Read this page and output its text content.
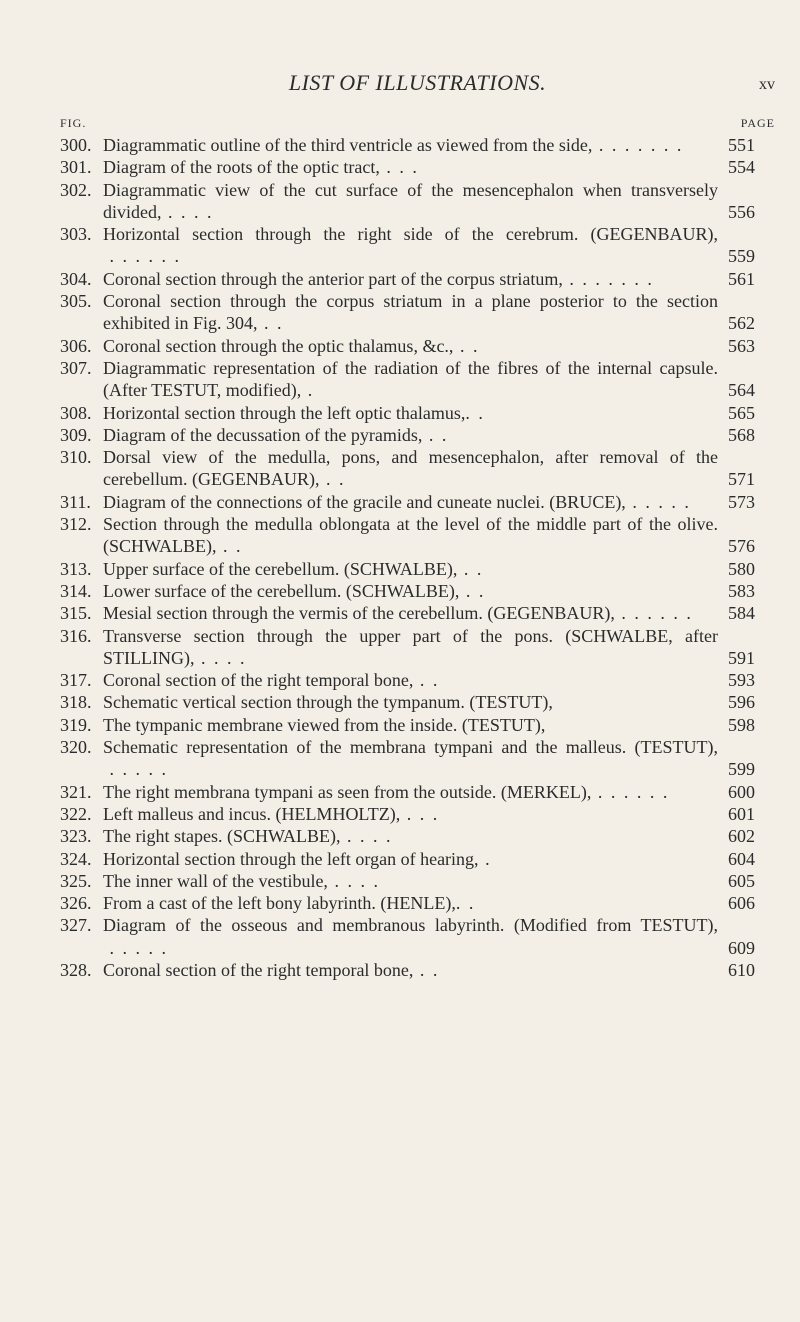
LIST OF ILLUSTRATIONS.	xv
FIG.	PAGE
300. Diagrammatic outline of the third ventricle as viewed from the side, . . . . . . .	551
301. Diagram of the roots of the optic tract, . . .	554
302. Diagrammatic view of the cut surface of the mesencephalon when transversely divided, . . . .	556
303. Horizontal section through the right side of the cerebrum. (GEGENBAUR), . . . . . .	559
304. Coronal section through the anterior part of the corpus striatum, . . . . . . .	561
305. Coronal section through the corpus striatum in a plane posterior to the section exhibited in Fig. 304, . .	562
306. Coronal section through the optic thalamus, &c., . .	563
307. Diagrammatic representation of the radiation of the fibres of the internal capsule. (After TESTUT, modified), .	564
308. Horizontal section through the left optic thalamus,. .	565
309. Diagram of the decussation of the pyramids, . .	568
310. Dorsal view of the medulla, pons, and mesencephalon, after removal of the cerebellum. (GEGENBAUR), . .	571
311. Diagram of the connections of the gracile and cuneate nuclei. (BRUCE), . . . . .	573
312. Section through the medulla oblongata at the level of the middle part of the olive. (SCHWALBE), . .	576
313. Upper surface of the cerebellum. (SCHWALBE), . .	580
314. Lower surface of the cerebellum. (SCHWALBE), . .	583
315. Mesial section through the vermis of the cerebellum. (GEGENBAUR), . . . . . .	584
316. Transverse section through the upper part of the pons. (SCHWALBE, after STILLING), . . . .	591
317. Coronal section of the right temporal bone, . .	593
318. Schematic vertical section through the tympanum. (TESTUT),	596
319. The tympanic membrane viewed from the inside. (TESTUT),	598
320. Schematic representation of the membrana tympani and the malleus. (TESTUT), . . . . .	599
321. The right membrana tympani as seen from the outside. (MERKEL), . . . . . .	600
322. Left malleus and incus. (HELMHOLTZ), . . .	601
323. The right stapes. (SCHWALBE), . . . .	602
324. Horizontal section through the left organ of hearing, .	604
325. The inner wall of the vestibule, . . . .	605
326. From a cast of the left bony labyrinth. (HENLE),. .	606
327. Diagram of the osseous and membranous labyrinth. (Modified from TESTUT), . . . . .	609
328. Coronal section of the right temporal bone, . .	610
